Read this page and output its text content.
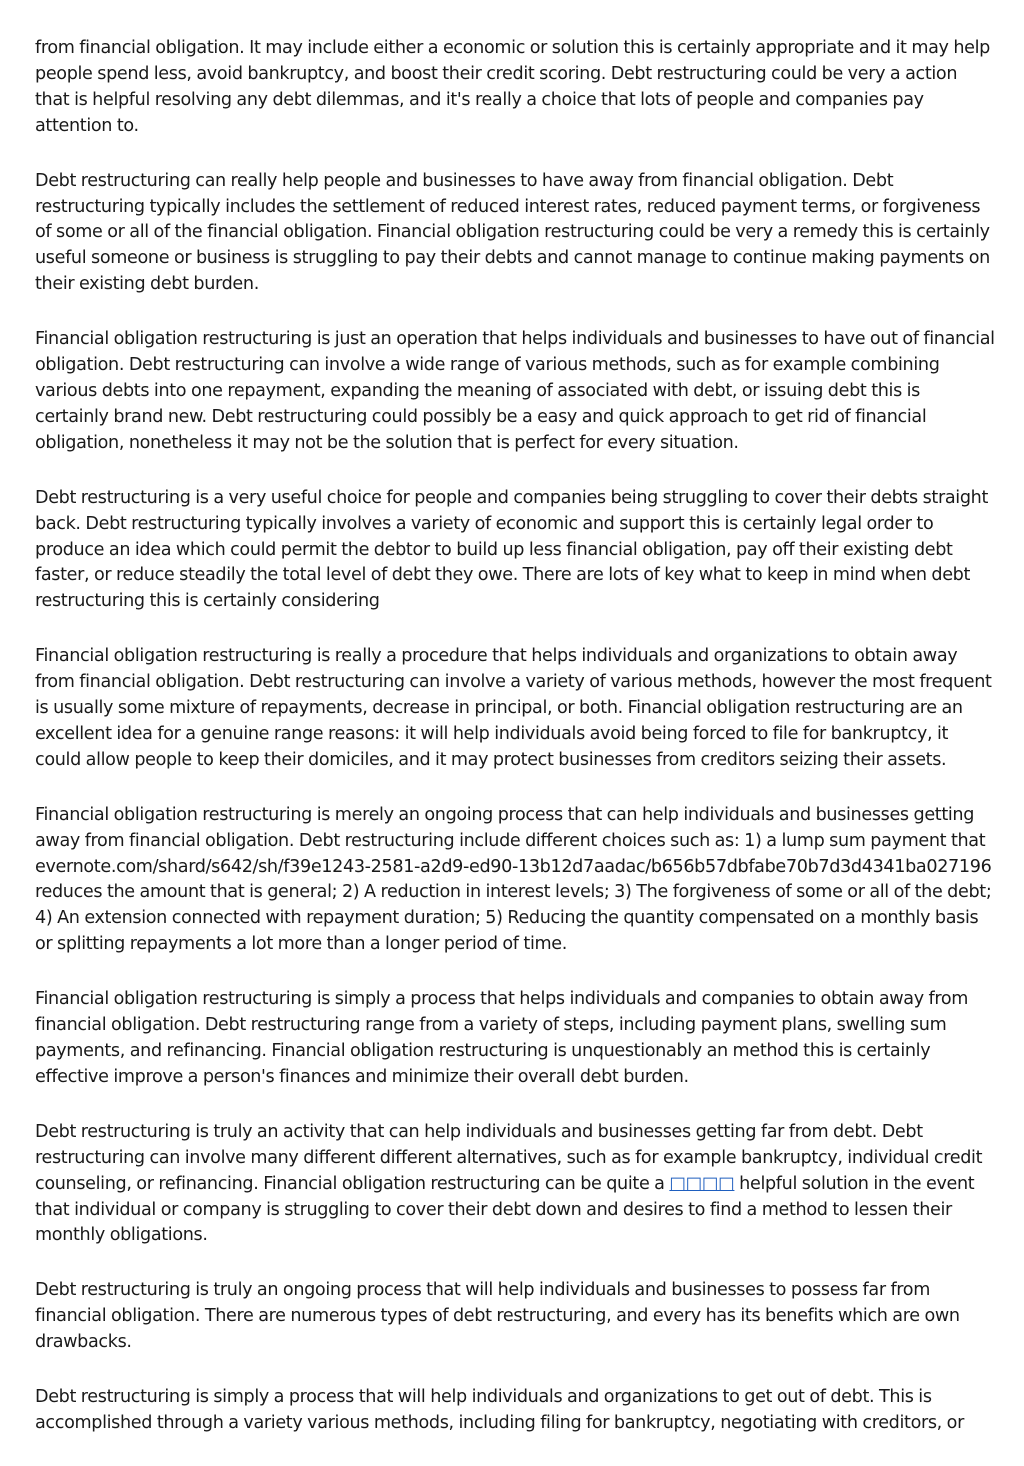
from financial obligation. It may include either a economic or solution this is certainly appropriate and it may help people spend less, avoid bankruptcy, and boost their credit scoring. Debt restructuring could be very a action that is helpful resolving any debt dilemmas, and it's really a choice that lots of people and companies pay attention to.

Debt restructuring can really help people and businesses to have away from financial obligation. Debt restructuring typically includes the settlement of reduced interest rates, reduced payment terms, or forgiveness of some or all of the financial obligation. Financial obligation restructuring could be very a remedy this is certainly useful someone or business is struggling to pay their debts and cannot manage to continue making payments on their existing debt burden.

Financial obligation restructuring is just an operation that helps individuals and businesses to have out of financial obligation. Debt restructuring can involve a wide range of various methods, such as for example combining various debts into one repayment, expanding the meaning of associated with debt, or issuing debt this is certainly brand new. Debt restructuring could possibly be a easy and quick approach to get rid of financial obligation, nonetheless it may not be the solution that is perfect for every situation.

Debt restructuring is a very useful choice for people and companies being struggling to cover their debts straight back. Debt restructuring typically involves a variety of economic and support this is certainly legal order to produce an idea which could permit the debtor to build up less financial obligation, pay off their existing debt faster, or reduce steadily the total level of debt they owe. There are lots of key what to keep in mind when debt restructuring this is certainly considering

Financial obligation restructuring is really a procedure that helps individuals and organizations to obtain away from financial obligation. Debt restructuring can involve a variety of various methods, however the most frequent is usually some mixture of repayments, decrease in principal, or both. Financial obligation restructuring are an excellent idea for a genuine range reasons: it will help individuals avoid being forced to file for bankruptcy, it could allow people to keep their domiciles, and it may protect businesses from creditors seizing their assets.

Financial obligation restructuring is merely an ongoing process that can help individuals and businesses getting away from financial obligation. Debt restructuring include different choices such as: 1) a lump sum payment that evernote.com/shard/s642/sh/f39e1243-2581-a2d9-ed90-13b12d7aadac/b656b57dbfabe70b7d3d4341ba027196 reduces the amount that is general; 2) A reduction in interest levels; 3) The forgiveness of some or all of the debt; 4) An extension connected with repayment duration; 5) Reducing the quantity compensated on a monthly basis or splitting repayments a lot more than a longer period of time.

Financial obligation restructuring is simply a process that helps individuals and companies to obtain away from financial obligation. Debt restructuring range from a variety of steps, including payment plans, swelling sum payments, and refinancing. Financial obligation restructuring is unquestionably an method this is certainly effective improve a person's finances and minimize their overall debt burden.

Debt restructuring is truly an activity that can help individuals and businesses getting far from debt. Debt restructuring can involve many different different alternatives, such as for example bankruptcy, individual credit counseling, or refinancing. Financial obligation restructuring can be quite a □□□□ helpful solution in the event that individual or company is struggling to cover their debt down and desires to find a method to lessen their monthly obligations.

Debt restructuring is truly an ongoing process that will help individuals and businesses to possess far from financial obligation. There are numerous types of debt restructuring, and every has its benefits which are own drawbacks.

Debt restructuring is simply a process that will help individuals and organizations to get out of debt. This is accomplished through a variety various methods, including filing for bankruptcy, negotiating with creditors, or
